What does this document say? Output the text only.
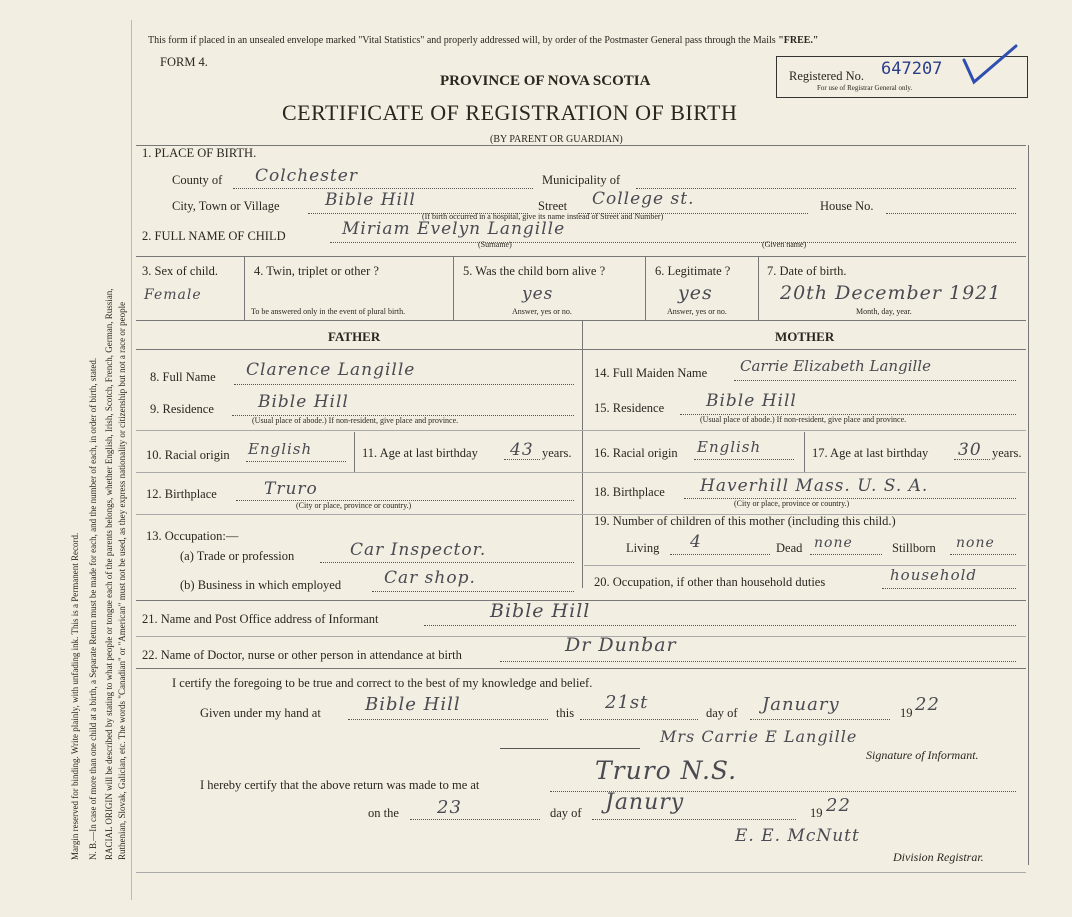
Margin reserved for binding. Write plainly, with unfading ink. This is a Permanent Record. N. B.—In case of more than one child at a birth, a Separate Return must be made for each, and the number of each, in order of birth, stated. RACIAL ORIGIN will be described by stating to what people or tongue each of the parents belongs, whether English, Irish, Scotch, French, German, Russian, Ruthenian, Slovak, Galician, etc. The words "Canadian" or "American" must not be used, as they express nationality or citizenship but not a race or people
This form if placed in an unsealed envelope marked "Vital Statistics" and properly addressed will, by order of the Postmaster General pass through the Mails "FREE."
FORM 4.
PROVINCE OF NOVA SCOTIA
CERTIFICATE OF REGISTRATION OF BIRTH
(BY PARENT OR GUARDIAN)
Registered No. 647207
For use of Registrar General only.
1. PLACE OF BIRTH.
County of Colchester	Municipality of
City, Town or Village	Bible Hill	Street College st.	House No.
(If birth occurred in a hospital, give its name instead of Street and Number)
2. FULL NAME OF CHILD	Miriam Evelyn Langille
(Surname)	(Given name)
3. Sex of child.
Female
4. Twin, triplet or other ?
To be answered only in the event of plural birth.
5. Was the child born alive ?
yes
Answer, yes or no.
6. Legitimate ?
yes
Answer, yes or no.
7. Date of birth.
20th December 1921
Month, day, year.
FATHER	MOTHER
8. Full Name Clarence Langille
9. Residence	Bible Hill
(Usual place of abode.) If non-resident, give place and province.
10. Racial origin English	11. Age at last birthday 43 years.
12. Birthplace	Truro
(City or place, province or country.)
13. Occupation:—
(a) Trade or profession	Car Inspector.
(b) Business in which employed	Car shop.
14. Full Maiden Name Carrie Elizabeth Langille
15. Residence Bible Hill
(Usual place of abode.) If non-resident, give place and province.
16. Racial origin English	17. Age at last birthday 30 years.
18. Birthplace Haverhill Mass. U. S. A.
(City or place, province or country.)
19. Number of children of this mother (including this child.)
Living 4	Dead none	Stillborn none
20. Occupation, if other than household duties	household
21. Name and Post Office address of Informant	Bible Hill
22. Name of Doctor, nurse or other person in attendance at birth	Dr Dunbar
I certify the foregoing to be true and correct to the best of my knowledge and belief.
Given under my hand at Bible Hill	this 21st	day of January	19 22
Mrs Carrie E Langille
Signature of Informant.
I hereby certify that the above return was made to me at	Truro N.S.
on the 23	day of Janury	19 22
E. E. McNutt
Division Registrar.
